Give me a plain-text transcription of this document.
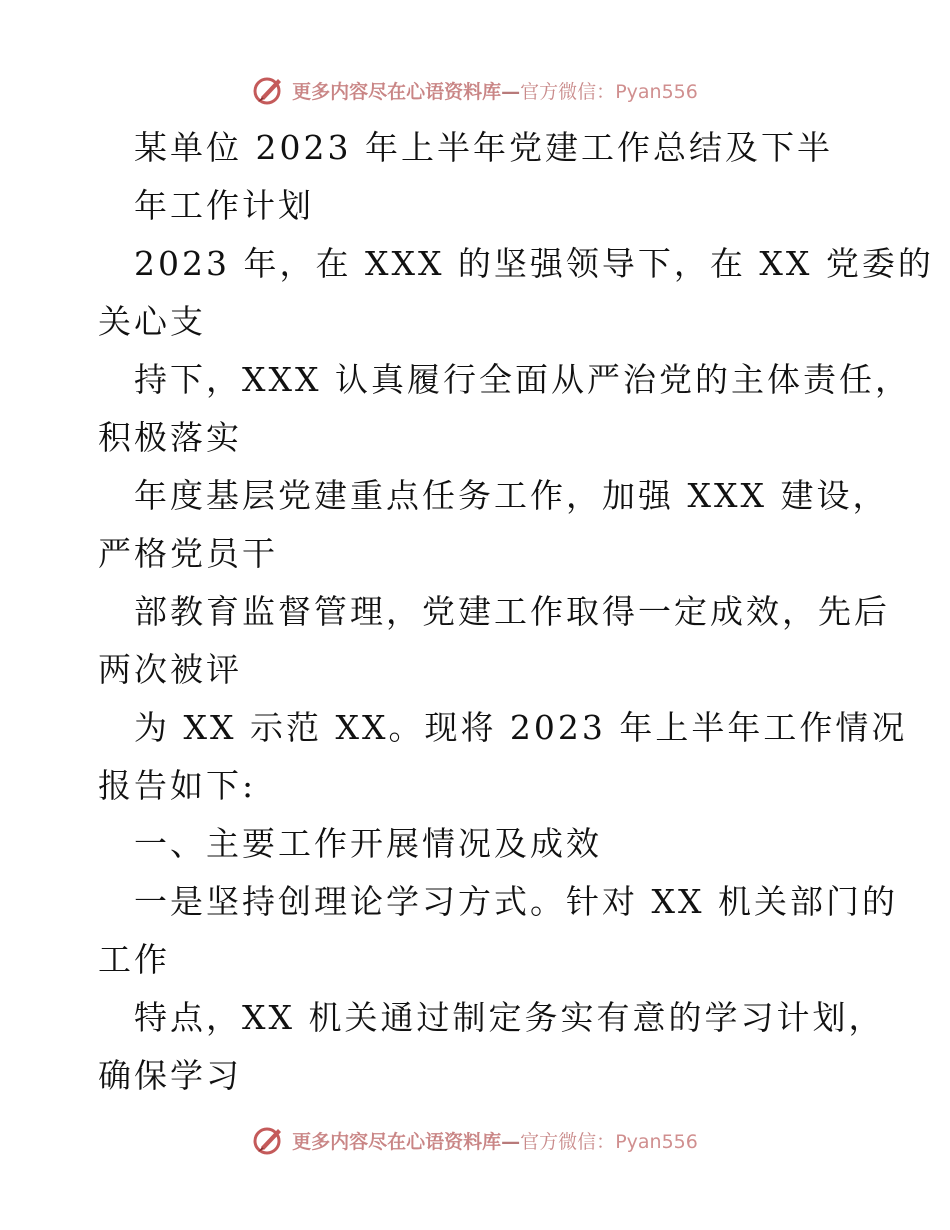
更多内容尽在心语资料库—官方微信：Pyan556
某单位 2023 年上半年党建工作总结及下半
年工作计划
2023 年，在 XXX 的坚强领导下，在 XX 党委的
关心支
持下，XXX 认真履行全面从严治党的主体责任，
积极落实
年度基层党建重点任务工作，加强 XXX 建设，
严格党员干
部教育监督管理，党建工作取得一定成效，先后
两次被评
为 XX 示范 XX。现将 2023 年上半年工作情况
报告如下:
一、主要工作开展情况及成效
一是坚持创理论学习方式。针对 XX 机关部门的
工作
特点，XX 机关通过制定务实有意的学习计划，
确保学习
更多内容尽在心语资料库—官方微信：Pyan556
